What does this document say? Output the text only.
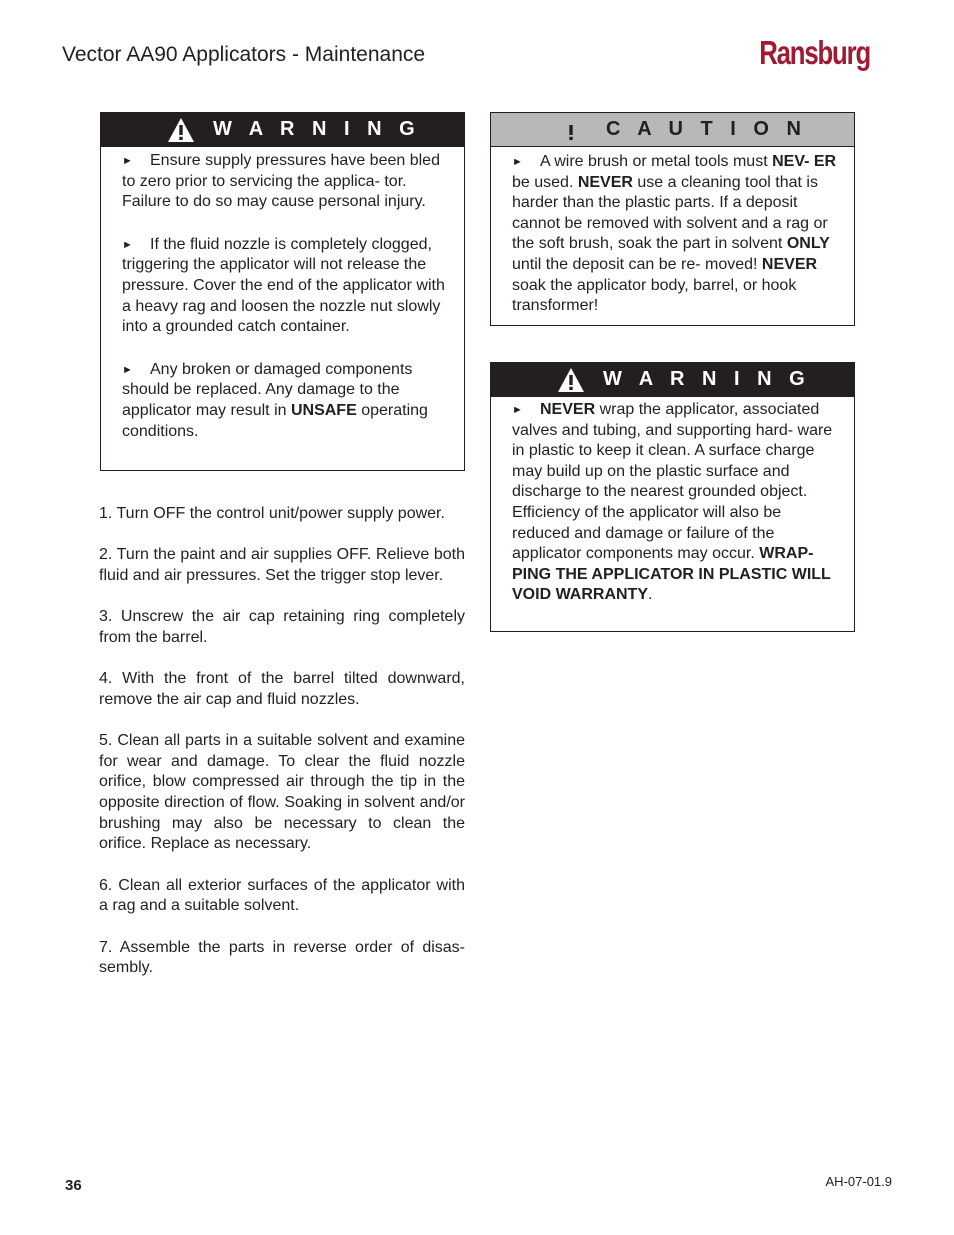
Vector AA90 Applicators - Maintenance	Ransburg
W A R N I N G

► Ensure supply pressures have been bled to zero prior to servicing the applica- tor. Failure to do so may cause personal injury.

► If the fluid nozzle is completely clogged, triggering the applicator will not release the pressure. Cover the end of the applicator with a heavy rag and loosen the nozzle nut slowly into a grounded catch container.

► Any broken or damaged components should be replaced. Any damage to the applicator may result in UNSAFE operating conditions.

C A U T I O N

► A wire brush or metal tools must NEV- ER be used. NEVER use a cleaning tool that is harder than the plastic parts. If a deposit cannot be removed with solvent and a rag or the soft brush, soak the part in solvent ONLY until the deposit can be re- moved! NEVER soak the applicator body, barrel, or hook transformer!

W A R N I N G

► NEVER wrap the applicator, associated valves and tubing, and supporting hard- ware in plastic to keep it clean. A surface charge may build up on the plastic surface and discharge to the nearest grounded object. Efficiency of the applicator will also be reduced and damage or failure of the applicator components may occur. WRAP- PING THE APPLICATOR IN PLASTIC WILL VOID WARRANTY.

1. Turn OFF the control unit/power supply power.

2. Turn the paint and air supplies OFF. Relieve both fluid and air pressures. Set the trigger stop lever.

3. Unscrew the air cap retaining ring completely from the barrel.

4. With the front of the barrel tilted downward, remove the air cap and fluid nozzles.

5. Clean all parts in a suitable solvent and examine for wear and damage. To clear the fluid nozzle orifice, blow compressed air through the tip in the opposite direction of flow. Soaking in solvent and/or brushing may also be necessary to clean the orifice. Replace as necessary.

6. Clean all exterior surfaces of the applicator with a rag and a suitable solvent.

7. Assemble the parts in reverse order of disas- sembly.

36	AH-07-01.9
